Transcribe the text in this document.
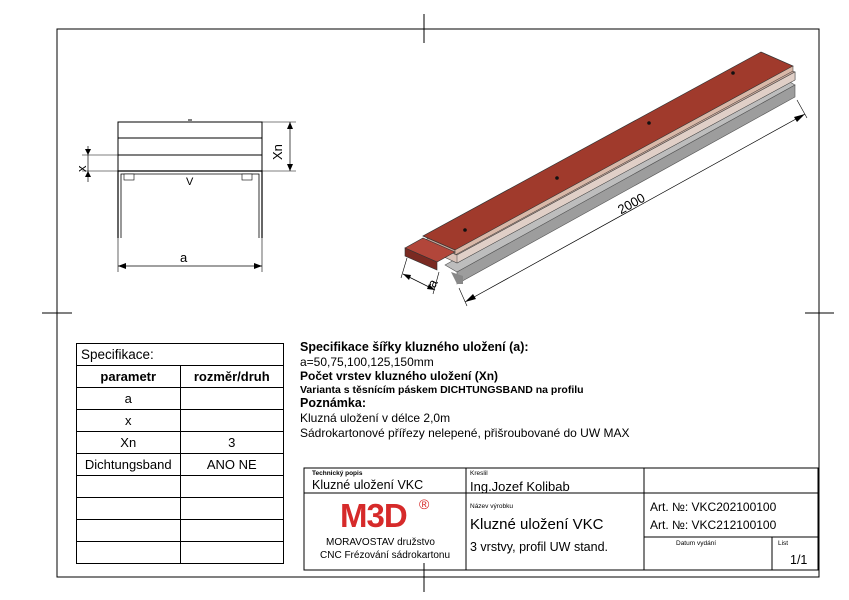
a
Xn
x
V
2000
a
Specifikace šířky kluzného uložení (a):
a=50,75,100,125,150mm
Počet vrstev kluzného uložení (Xn)
Varianta s těsnícím páskem DICHTUNGSBAND na profilu
Poznámka:
Kluzná uložení v délce 2,0m
Sádrokartonové přířezy nelepené, přišroubované do UW MAX
Specifikace:	
parametr	rozměr/druh
a	
x	
Xn	3
Dichtungsband	ANO NE

Technický popis
Kluzné uložení VKC
Kreslil
Ing.Jozef Kolibab
Název výrobku
Kluzné uložení VKC
3 vrstvy, profil UW stand.
Art. №: VKC202100100
Art. №: VKC212100100
Datum vydání	List
1/1
M3D ®
MORAVOSTAV družstvo
CNC Frézování sádrokartonu
